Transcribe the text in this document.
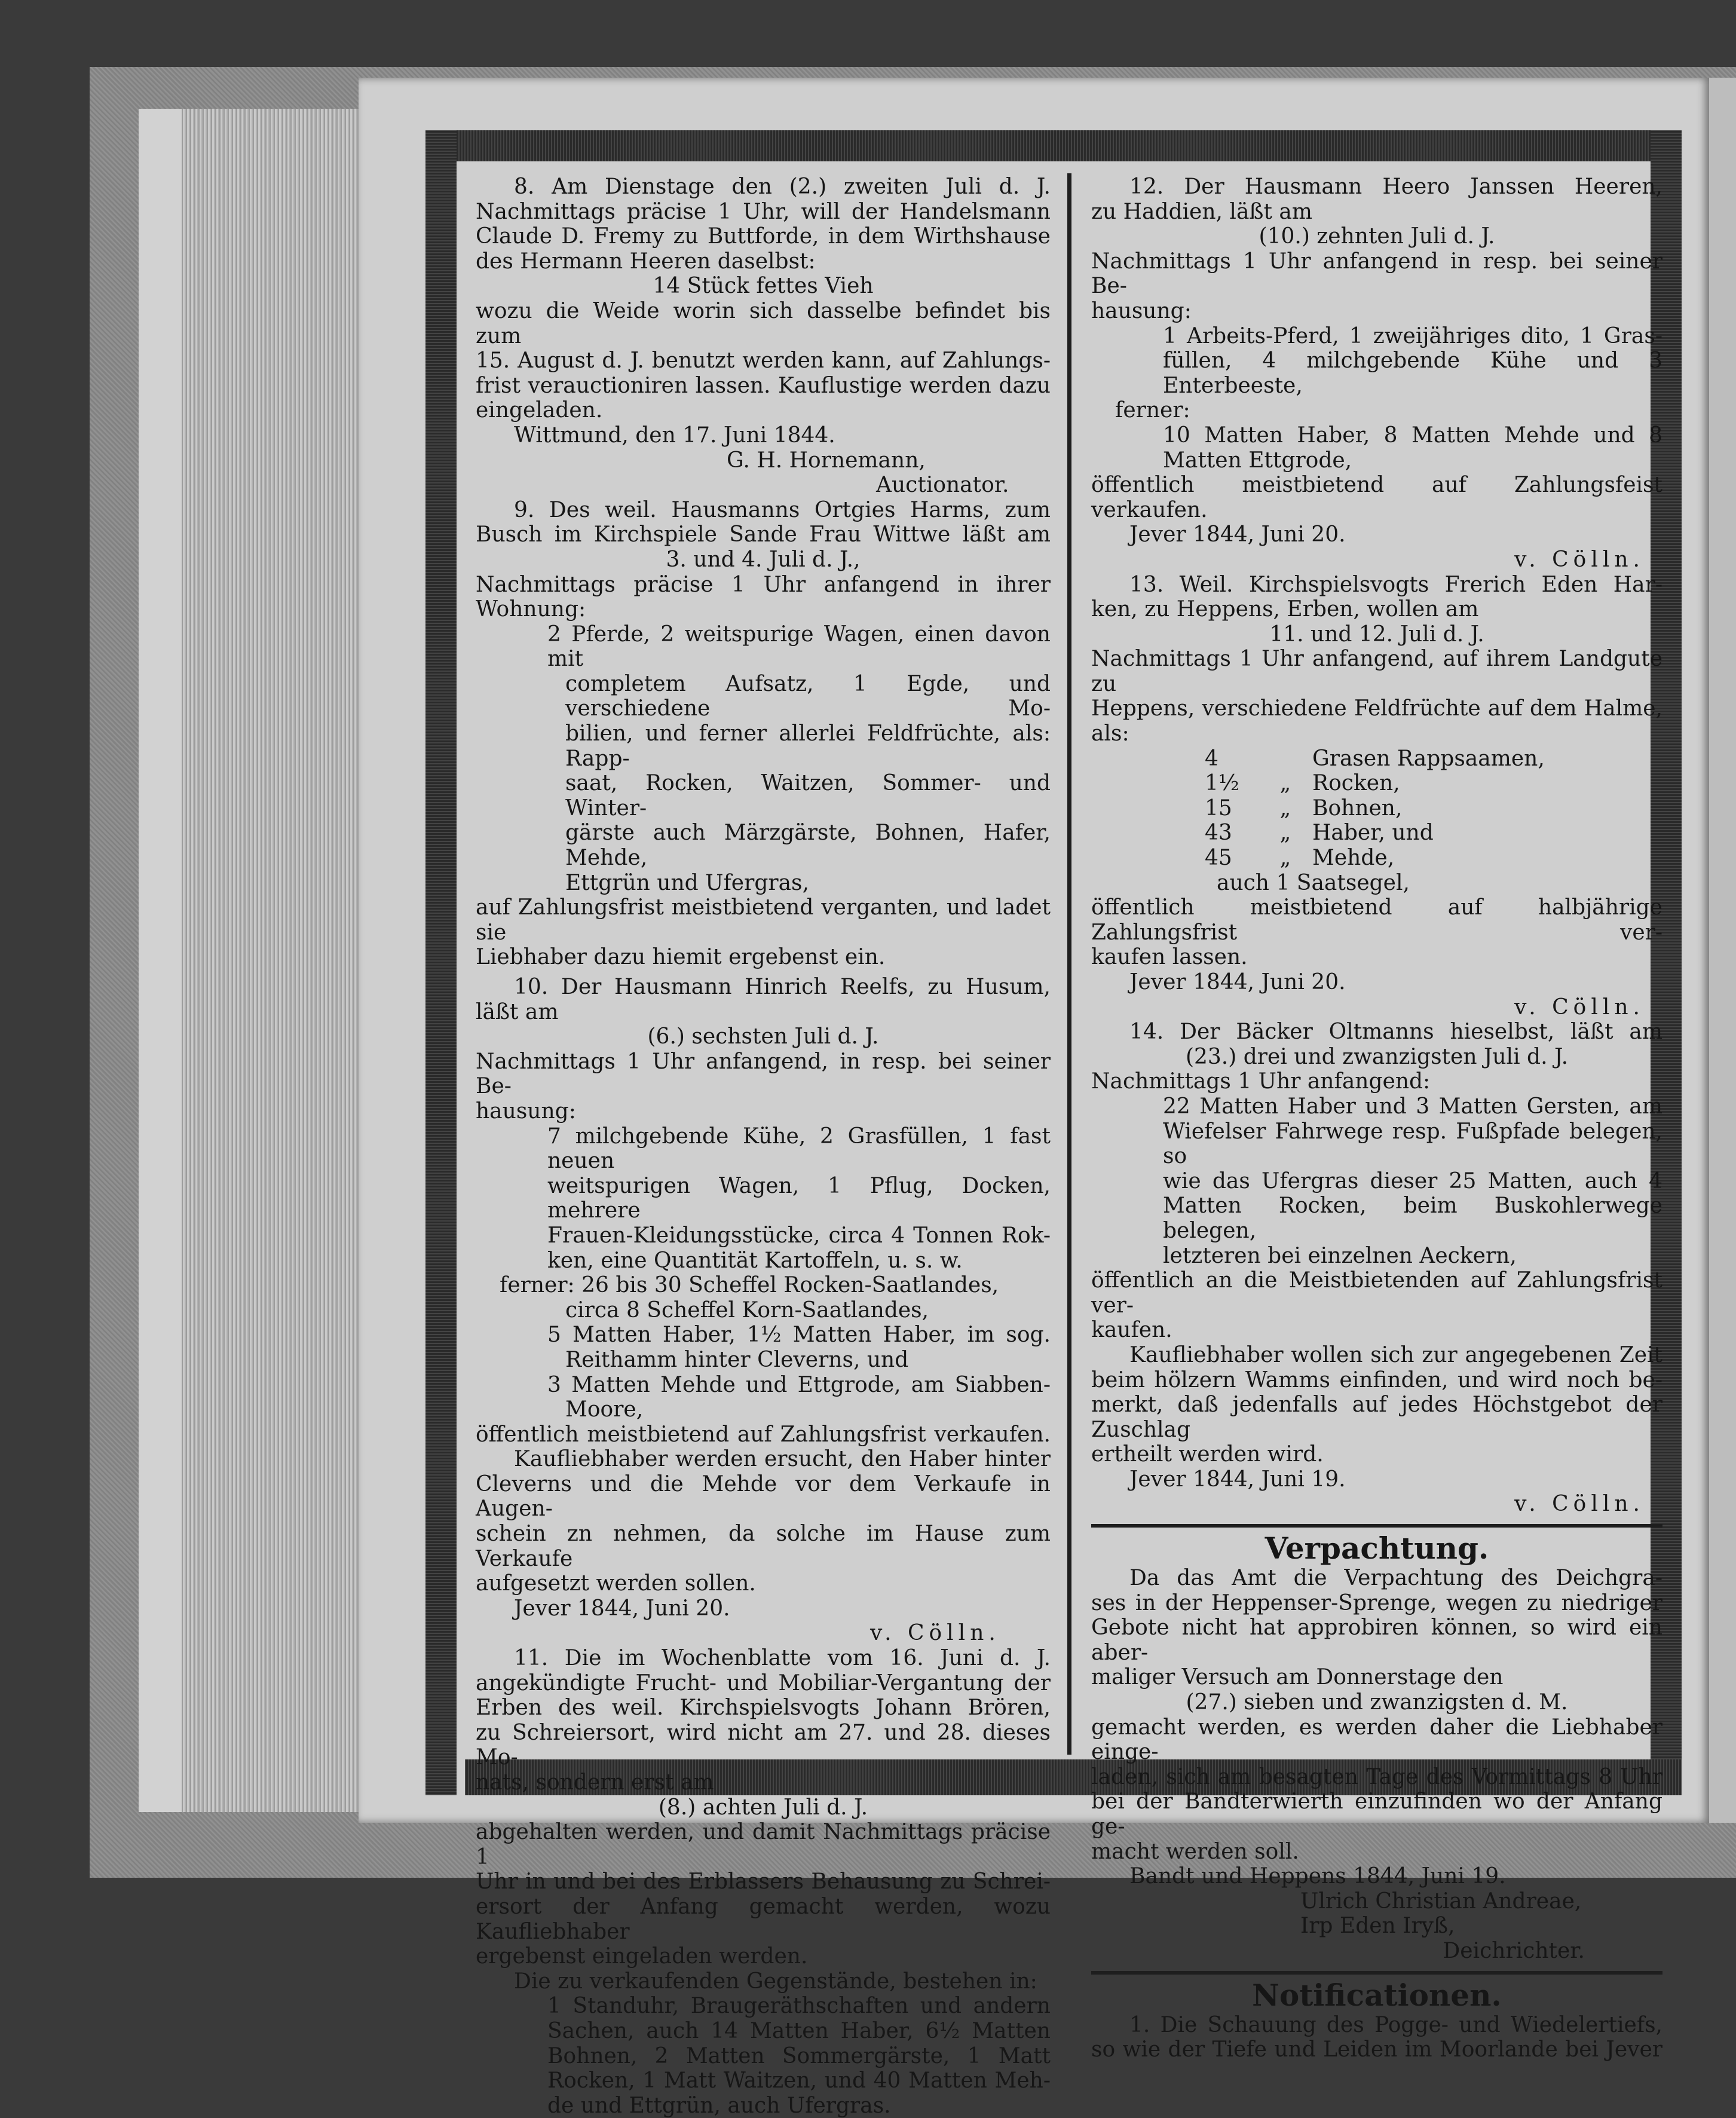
8. Am Dienstage den (2.) zweiten Juli d. J.

Nachmittags präcise 1 Uhr, will der Handelsmann

Claude D. Fremy zu Buttforde, in dem Wirthshause

des Hermann Heeren daselbst:

14 Stück fettes Vieh

wozu die Weide worin sich dasselbe befindet bis zum

15. August d. J. benutzt werden kann, auf Zahlungs-

frist verauctioniren lassen. Kauflustige werden dazu

eingeladen.

Wittmund, den 17. Juni 1844.

G. H. Hornemann,

Auctionator.

9. Des weil. Hausmanns Ortgies Harms, zum

Busch im Kirchspiele Sande Frau Wittwe läßt am

3. und 4. Juli d. J.,

Nachmittags präcise 1 Uhr anfangend in ihrer Wohnung:

2 Pferde, 2 weitspurige Wagen, einen davon mit

completem Aufsatz, 1 Egde, und verschiedene Mo-

bilien, und ferner allerlei Feldfrüchte, als: Rapp-

saat, Rocken, Waitzen, Sommer- und Winter-

gärste auch Märzgärste, Bohnen, Hafer, Mehde,

Ettgrün und Ufergras,

auf Zahlungsfrist meistbietend verganten, und ladet sie

Liebhaber dazu hiemit ergebenst ein.

10. Der Hausmann Hinrich Reelfs, zu Husum,

läßt am

(6.) sechsten Juli d. J.

Nachmittags 1 Uhr anfangend, in resp. bei seiner Be-

hausung:

7 milchgebende Kühe, 2 Grasfüllen, 1 fast neuen

weitspurigen Wagen, 1 Pflug, Docken, mehrere

Frauen-Kleidungsstücke, circa 4 Tonnen Rok-

ken, eine Quantität Kartoffeln, u. s. w.

ferner: 26 bis 30 Scheffel Rocken-Saatlandes,

circa 8 Scheffel Korn-Saatlandes,

5 Matten Haber, 1½ Matten Haber, im sog.

Reithamm hinter Cleverns, und

3 Matten Mehde und Ettgrode, am Siabben-

Moore,

öffentlich meistbietend auf Zahlungsfrist verkaufen.

Kaufliebhaber werden ersucht, den Haber hinter

Cleverns und die Mehde vor dem Verkaufe in Augen-

schein zn nehmen, da solche im Hause zum Verkaufe

aufgesetzt werden sollen.

Jever 1844, Juni 20.

v. Cölln.

11. Die im Wochenblatte vom 16. Juni d. J.

angekündigte Frucht- und Mobiliar-Vergantung der

Erben des weil. Kirchspielsvogts Johann Brören,

zu Schreiersort, wird nicht am 27. und 28. dieses Mo-

nats, sondern erst am

(8.) achten Juli d. J.

abgehalten werden, und damit Nachmittags präcise 1

Uhr in und bei des Erblassers Behausung zu Schrei-

ersort der Anfang gemacht werden, wozu Kaufliebhaber

ergebenst eingeladen werden.

Die zu verkaufenden Gegenstände, bestehen in:

1 Standuhr, Braugeräthschaften und andern

Sachen, auch 14 Matten Haber, 6½ Matten

Bohnen, 2 Matten Sommergärste, 1 Matt

Rocken, 1 Matt Waitzen, und 40 Matten Meh-

de und Ettgrün, auch Ufergras.

12. Der Hausmann Heero Janssen Heeren,

zu Haddien, läßt am

(10.) zehnten Juli d. J.

Nachmittags 1 Uhr anfangend in resp. bei seiner Be-

hausung:

1 Arbeits-Pferd, 1 zweijähriges dito, 1 Gras-

füllen, 4 milchgebende Kühe und 3 Enterbeeste,

ferner:

10 Matten Haber, 8 Matten Mehde und 8

Matten Ettgrode,

öffentlich meistbietend auf Zahlungsfeist verkaufen.

Jever 1844, Juni 20.

v. Cölln.

13. Weil. Kirchspielsvogts Frerich Eden Har-

ken, zu Heppens, Erben, wollen am

11. und 12. Juli d. J.

Nachmittags 1 Uhr anfangend, auf ihrem Landgute zu

Heppens, verschiedene Feldfrüchte auf dem Halme, als:

4	Grasen Rappsaamen,
1½	„ Rocken,
15	„ Bohnen,
43	„ Haber, und
45	„ Mehde,

auch 1 Saatsegel,

öffentlich meistbietend auf halbjährige Zahlungsfrist ver-

kaufen lassen.

Jever 1844, Juni 20.

v. Cölln.

14. Der Bäcker Oltmanns hieselbst, läßt am

(23.) drei und zwanzigsten Juli d. J.

Nachmittags 1 Uhr anfangend:

22 Matten Haber und 3 Matten Gersten, am

Wiefelser Fahrwege resp. Fußpfade belegen, so

wie das Ufergras dieser 25 Matten, auch 4

Matten Rocken, beim Buskohlerwege belegen,

letzteren bei einzelnen Aeckern,

öffentlich an die Meistbietenden auf Zahlungsfrist ver-

kaufen.

Kaufliebhaber wollen sich zur angegebenen Zeit

beim hölzern Wamms einfinden, und wird noch be-

merkt, daß jedenfalls auf jedes Höchstgebot der Zuschlag

ertheilt werden wird.

Jever 1844, Juni 19.

v. Cölln.

Verpachtung.

Da das Amt die Verpachtung des Deichgra-

ses in der Heppenser-Sprenge, wegen zu niedriger

Gebote nicht hat approbiren können, so wird ein aber-

maliger Versuch am Donnerstage den

(27.) sieben und zwanzigsten d. M.

gemacht werden, es werden daher die Liebhaber einge-

laden, sich am besagten Tage des Vormittags 8 Uhr

bei der Bandterwierth einzufinden wo der Anfang ge-

macht werden soll.

Bandt und Heppens 1844, Juni 19.

Ulrich Christian Andreae,

Irp Eden Iryß,

Deichrichter.

Notificationen.

1. Die Schauung des Pogge- und Wiedelertiefs,

so wie der Tiefe und Leiden im Moorlande bei Jever
